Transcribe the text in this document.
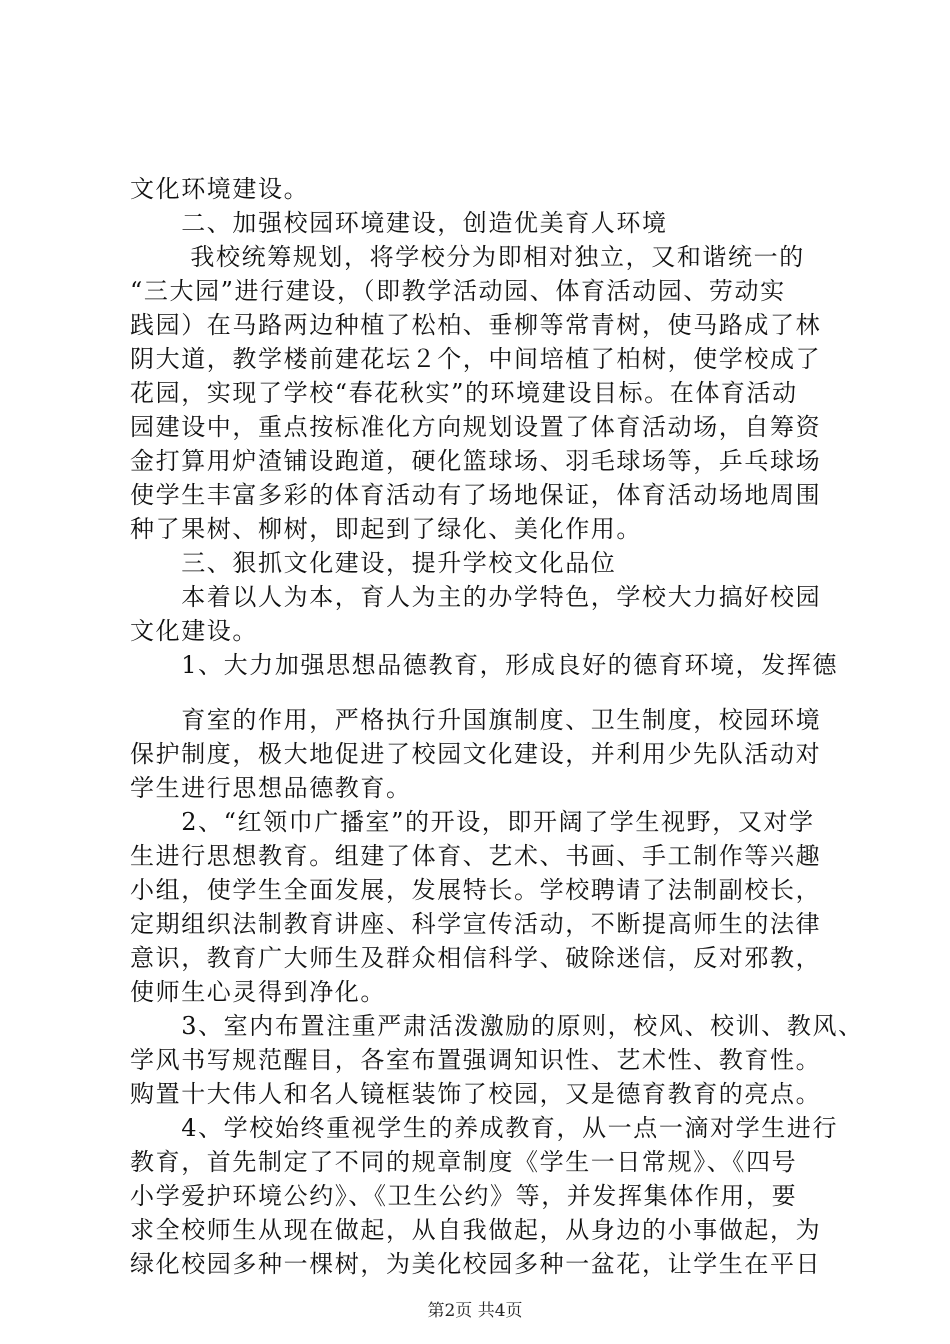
文化环境建设。
　　二、加强校园环境建设，创造优美育人环境
　　 我校统筹规划，将学校分为即相对独立，又和谐统一的
“三大园”进行建设，（即教学活动园、体育活动园、劳动实
践园）在马路两边种植了松柏、垂柳等常青树，使马路成了林
阴大道，教学楼前建花坛２个，中间培植了柏树，使学校成了
花园，实现了学校“春花秋实”的环境建设目标。在体育活动
园建设中，重点按标准化方向规划设置了体育活动场，自筹资
金打算用炉渣铺设跑道，硬化篮球场、羽毛球场等，乒乓球场
使学生丰富多彩的体育活动有了场地保证，体育活动场地周围
种了果树、柳树，即起到了绿化、美化作用。
　　三、狠抓文化建设，提升学校文化品位
　　本着以人为本，育人为主的办学特色，学校大力搞好校园
文化建设。
　　1、大力加强思想品德教育，形成良好的德育环境，发挥德
　　育室的作用，严格执行升国旗制度、卫生制度，校园环境
保护制度，极大地促进了校园文化建设，并利用少先队活动对
学生进行思想品德教育。
　　2、“红领巾广播室”的开设，即开阔了学生视野，又对学
生进行思想教育。组建了体育、艺术、书画、手工制作等兴趣
小组，使学生全面发展，发展特长。学校聘请了法制副校长，
定期组织法制教育讲座、科学宣传活动，不断提高师生的法律
意识，教育广大师生及群众相信科学、破除迷信，反对邪教，
使师生心灵得到净化。
　　3、室内布置注重严肃活泼激励的原则，校风、校训、教风、
学风书写规范醒目，各室布置强调知识性、艺术性、教育性。
购置十大伟人和名人镜框装饰了校园，又是德育教育的亮点。
　　4、学校始终重视学生的养成教育，从一点一滴对学生进行
教育，首先制定了不同的规章制度《学生一日常规》、《四号
小学爱护环境公约》、《卫生公约》等，并发挥集体作用，要
求全校师生从现在做起，从自我做起，从身边的小事做起，为
绿化校园多种一棵树，为美化校园多种一盆花，让学生在平日
第2页 共4页
